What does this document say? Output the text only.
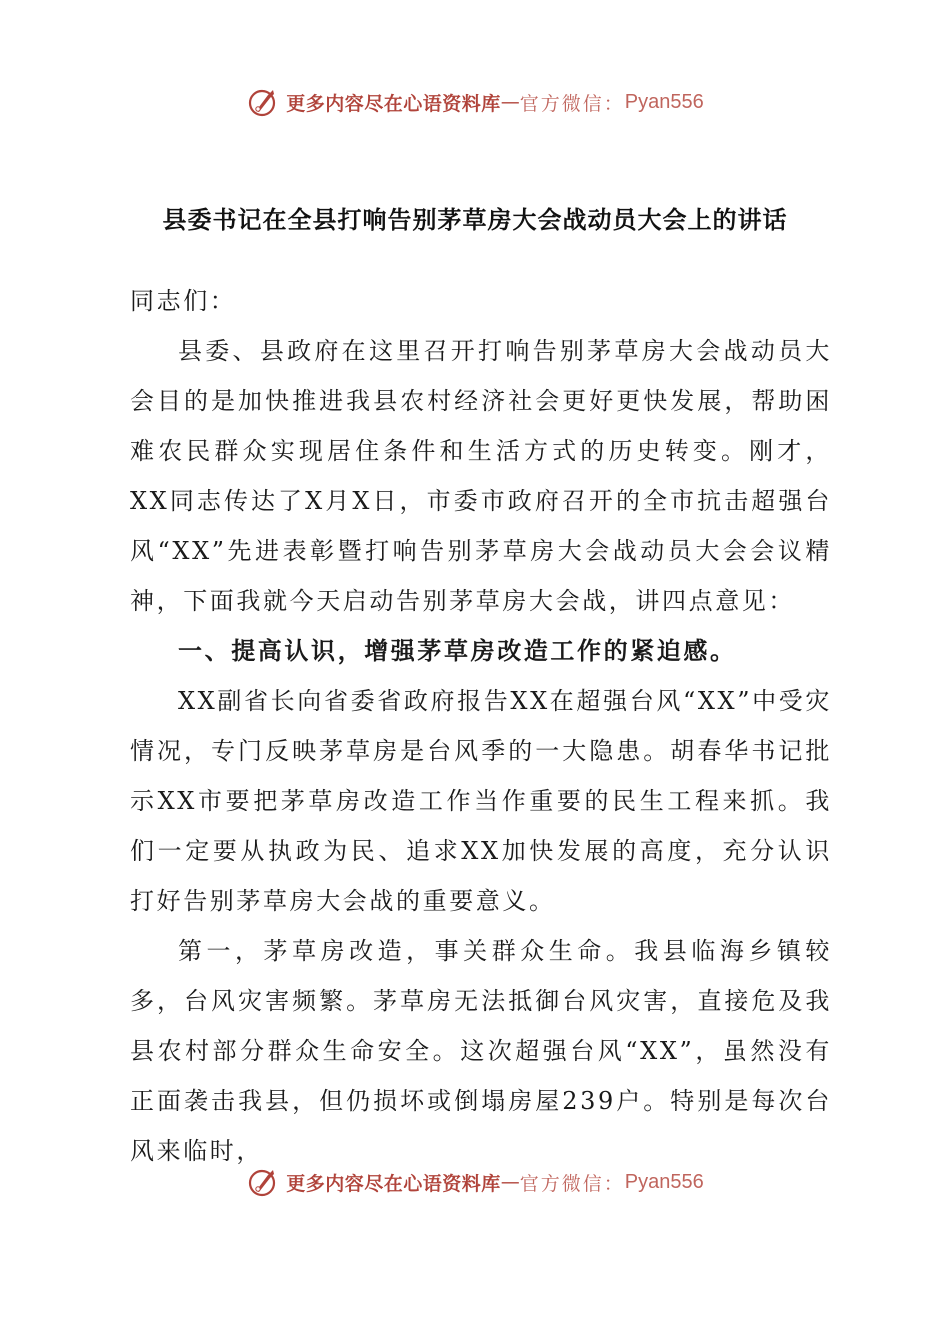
更多内容尽在心语资料库 — 官方微信： Pyan556
县委书记在全县打响告别茅草房大会战动员大会上的讲话

同志们：

县委、县政府在这里召开打响告别茅草房大会战动员大会目的是加快推进我县农村经济社会更好更快发展，帮助困难农民群众实现居住条件和生活方式的历史转变。刚才，XX同志传达了X月X日，市委市政府召开的全市抗击超强台风“XX”先进表彰暨打响告别茅草房大会战动员大会会议精神，下面我就今天启动告别茅草房大会战，讲四点意见：

一、提高认识，增强茅草房改造工作的紧迫感。

XX副省长向省委省政府报告XX在超强台风“XX”中受灾情况，专门反映茅草房是台风季的一大隐患。胡春华书记批示XX市要把茅草房改造工作当作重要的民生工程来抓。我们一定要从执政为民、追求XX加快发展的高度，充分认识打好告别茅草房大会战的重要意义。

第一，茅草房改造，事关群众生命。我县临海乡镇较多，台风灾害频繁。茅草房无法抵御台风灾害，直接危及我县农村部分群众生命安全。这次超强台风“XX”，虽然没有正面袭击我县，但仍损坏或倒塌房屋239户。特别是每次台风来临时，

更多内容尽在心语资料库 — 官方微信： Pyan556
